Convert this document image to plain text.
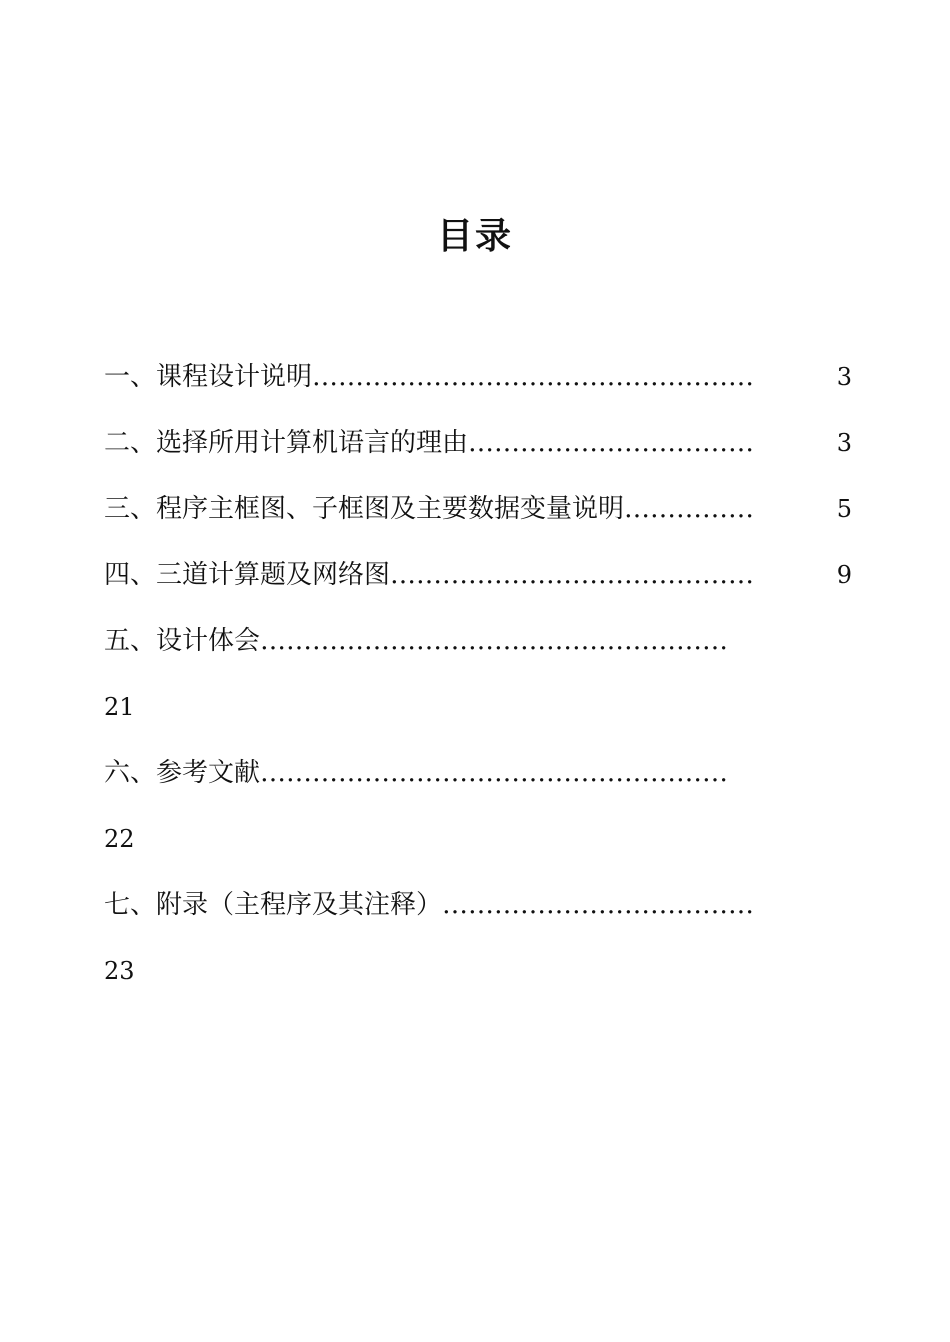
目录
一、课程设计说明……………………………………………	3
二、选择所用计算机语言的理由……………………………	3
三、程序主框图、子框图及主要数据变量说明……………	5
四、三道计算题及网络图……………………………………	9
五、设计体会………………………………………………
21
六、参考文献………………………………………………
22
七、附录（主程序及其注释）………………………………
23
